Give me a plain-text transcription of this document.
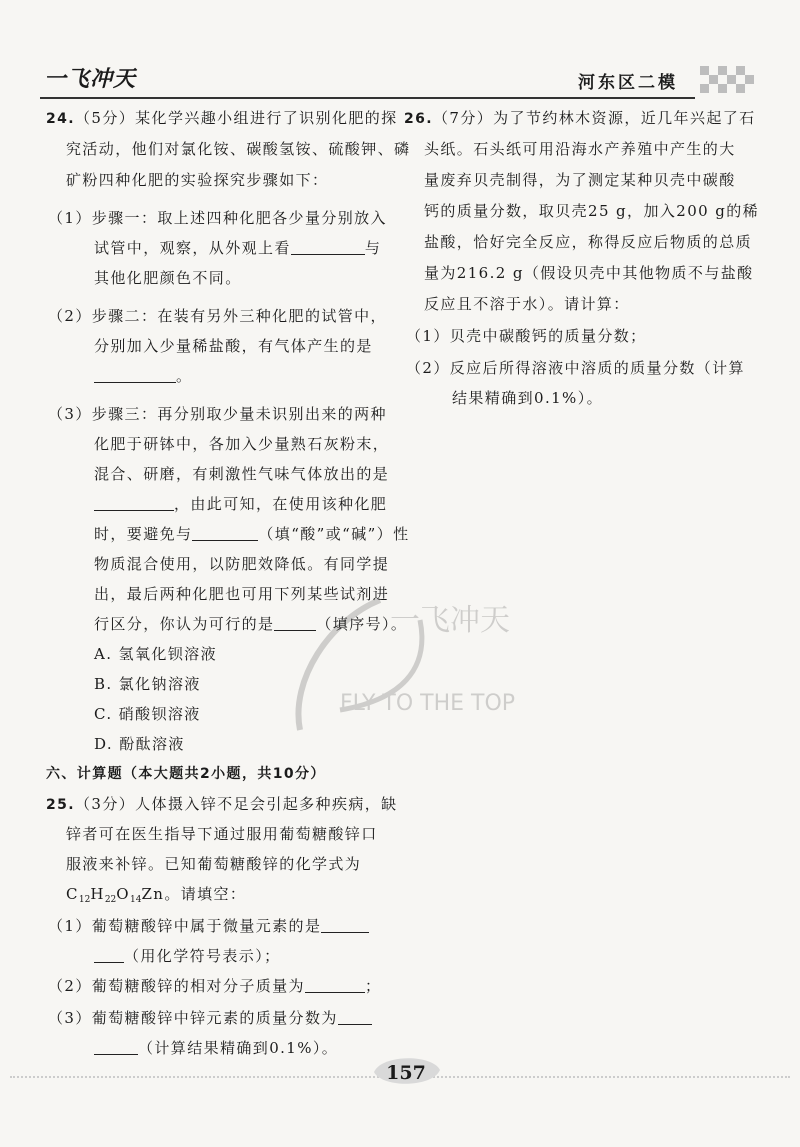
一飞冲天	河东区二模
24.（5分）某化学兴趣小组进行了识别化肥的探
究活动，他们对氯化铵、碳酸氢铵、硫酸钾、磷
矿粉四种化肥的实验探究步骤如下：
（1）步骤一：取上述四种化肥各少量分别放入
试管中，观察，从外观上看	与
其他化肥颜色不同。
（2）步骤二：在装有另外三种化肥的试管中，
分别加入少量稀盐酸，有气体产生的是
。
（3）步骤三：再分别取少量未识别出来的两种
化肥于研钵中，各加入少量熟石灰粉末，
混合、研磨，有刺激性气味气体放出的是
，由此可知，在使用该种化肥
时，要避免与	（填“酸”或“碱”）性
物质混合使用，以防肥效降低。有同学提
出，最后两种化肥也可用下列某些试剂进
行区分，你认为可行的是	（填序号）。
A. 氢氧化钡溶液
B. 氯化钠溶液
C. 硝酸钡溶液
D. 酚酞溶液
六、计算题（本大题共2小题，共10分）
25.（3分）人体摄入锌不足会引起多种疾病，缺
锌者可在医生指导下通过服用葡萄糖酸锌口
服液来补锌。已知葡萄糖酸锌的化学式为
$C_{12}H_{22}O_{14}Zn$。请填空：
（1）葡萄糖酸锌中属于微量元素的是
（用化学符号表示）；
（2）葡萄糖酸锌的相对分子质量为	；
（3）葡萄糖酸锌中锌元素的质量分数为
（计算结果精确到0.1%）。
26.（7分）为了节约林木资源，近几年兴起了石
头纸。石头纸可用沿海水产养殖中产生的大
量废弃贝壳制得，为了测定某种贝壳中碳酸
钙的质量分数，取贝壳25 g，加入200 g的稀
盐酸，恰好完全反应，称得反应后物质的总质
量为216.2 g（假设贝壳中其他物质不与盐酸
反应且不溶于水）。请计算：
（1）贝壳中碳酸钙的质量分数；
（2）反应后所得溶液中溶质的质量分数（计算
结果精确到0.1%）。
一飞冲天
FLY TO THE TOP
157
